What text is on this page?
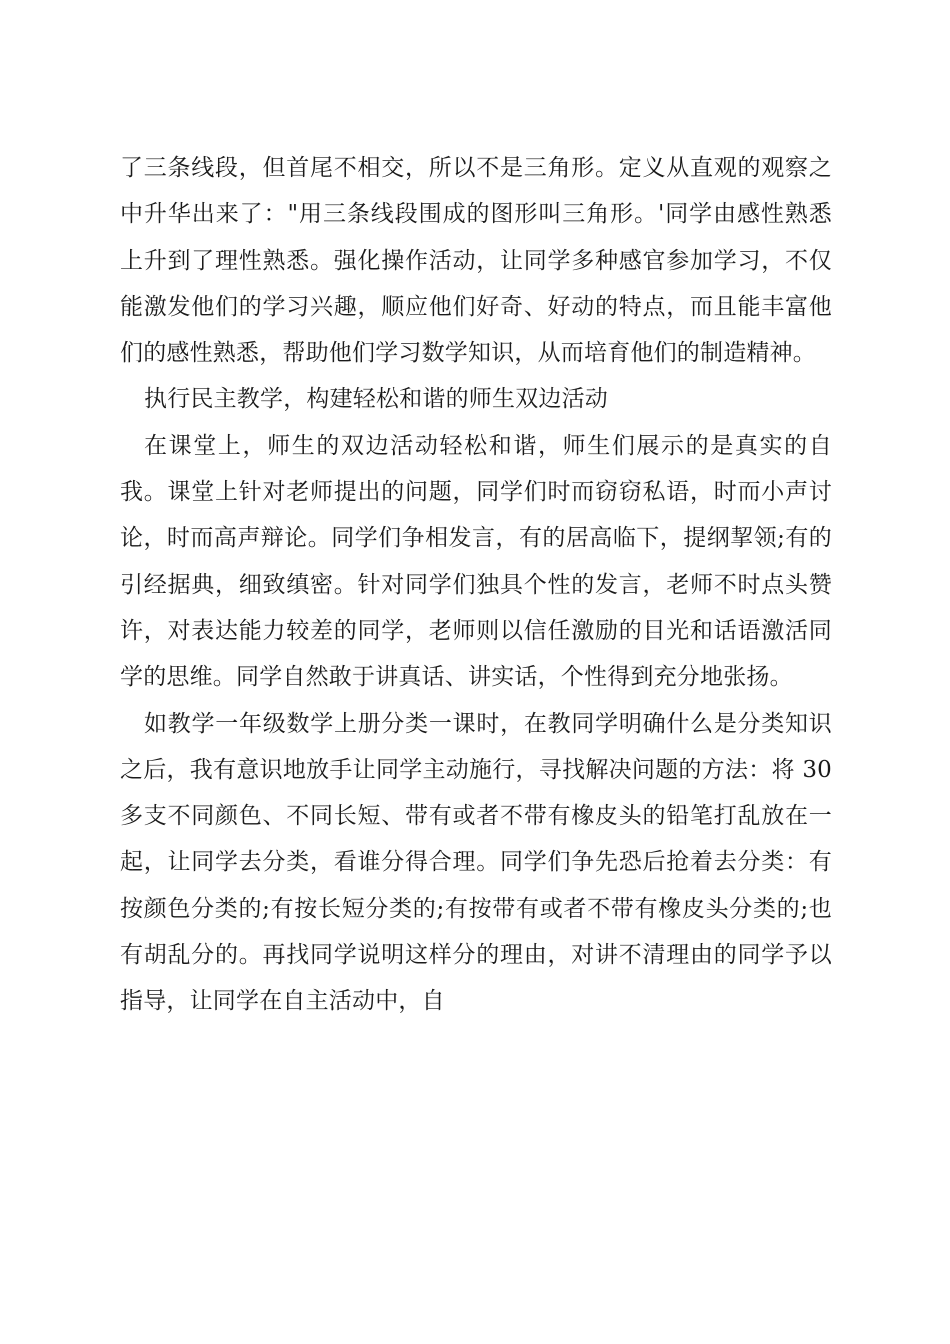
了三条线段，但首尾不相交，所以不是三角形。定义从直观的观察之中升华出来了："用三条线段围成的图形叫三角形。'同学由感性熟悉上升到了理性熟悉。强化操作活动，让同学多种感官参加学习，不仅能激发他们的学习兴趣，顺应他们好奇、好动的特点，而且能丰富他们的感性熟悉，帮助他们学习数学知识，从而培育他们的制造精神。

执行民主教学，构建轻松和谐的师生双边活动

在课堂上，师生的双边活动轻松和谐，师生们展示的是真实的自我。课堂上针对老师提出的问题，同学们时而窃窃私语，时而小声讨论，时而高声辩论。同学们争相发言，有的居高临下，提纲挈领;有的引经据典，细致缜密。针对同学们独具个性的发言，老师不时点头赞许，对表达能力较差的同学，老师则以信任激励的目光和话语激活同学的思维。同学自然敢于讲真话、讲实话，个性得到充分地张扬。

如教学一年级数学上册分类一课时，在教同学明确什么是分类知识之后，我有意识地放手让同学主动施行，寻找解决问题的方法：将 30 多支不同颜色、不同长短、带有或者不带有橡皮头的铅笔打乱放在一起，让同学去分类，看谁分得合理。同学们争先恐后抢着去分类：有按颜色分类的;有按长短分类的;有按带有或者不带有橡皮头分类的;也有胡乱分的。再找同学说明这样分的理由，对讲不清理由的同学予以指导，让同学在自主活动中，自
